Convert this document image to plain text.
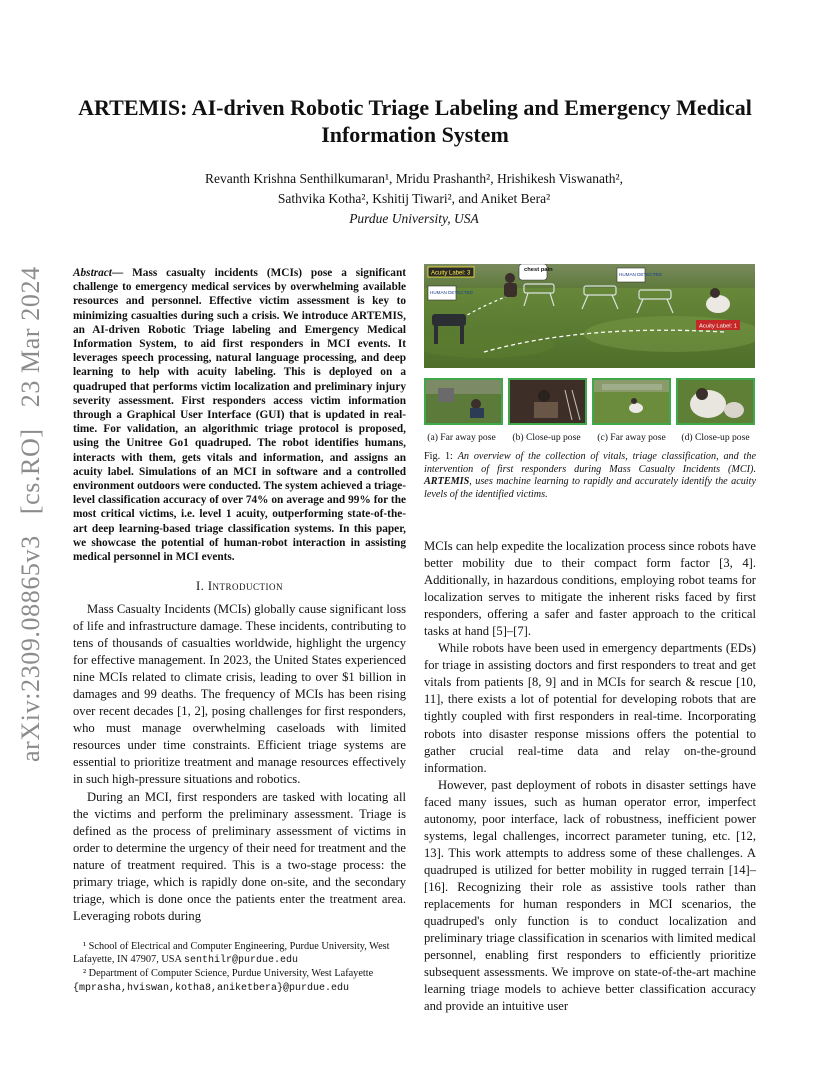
arXiv:2309.08865v3 [cs.RO] 23 Mar 2024
ARTEMIS: AI-driven Robotic Triage Labeling and Emergency Medical Information System
Revanth Krishna Senthilkumaran¹, Mridu Prashanth², Hrishikesh Viswanath²,
Sathvika Kotha², Kshitij Tiwari², and Aniket Bera²
Purdue University, USA

Abstract— Mass casualty incidents (MCIs) pose a significant challenge to emergency medical services by overwhelming available resources and personnel. Effective victim assessment is key to minimizing casualties during such a crisis. We introduce ARTEMIS, an AI-driven Robotic Triage labeling and Emergency Medical Information System, to aid first responders in MCI events. It leverages speech processing, natural language processing, and deep learning to help with acuity labeling. This is deployed on a quadruped that performs victim localization and preliminary injury severity assessment. First responders access victim information through a Graphical User Interface (GUI) that is updated in real-time. For validation, an algorithmic triage protocol is proposed, using the Unitree Go1 quadruped. The robot identifies humans, interacts with them, gets vitals and information, and assigns an acuity label. Simulations of an MCI in software and a controlled environment outdoors were conducted. The system achieved a triage-level classification accuracy of over 74% on average and 99% for the most critical victims, i.e. level 1 acuity, outperforming state-of-the-art deep learning-based triage classification systems. In this paper, we showcase the potential of human-robot interaction in assisting medical personnel in MCI events.

I. Introduction

Mass Casualty Incidents (MCIs) globally cause significant loss of life and infrastructure damage. These incidents, contributing to tens of thousands of casualties worldwide, highlight the urgency for effective management. In 2023, the United States experienced nine MCIs related to climate crisis, leading to over $1 billion in damages and 99 deaths. The frequency of MCIs has been rising over recent decades [1, 2], posing challenges for first responders, who must manage overwhelming caseloads with limited resources under time constraints. Efficient triage systems are essential to prioritize treatment and manage resources effectively in such high-pressure situations and robotics.

During an MCI, first responders are tasked with locating all the victims and perform the preliminary assessment. Triage is defined as the process of preliminary assessment of victims in order to determine the urgency of their need for treatment and the nature of treatment required. This is a two-stage process: the primary triage, which is rapidly done on-site, and the secondary triage, which is done once the patients enter the treatment area. Leveraging robots during

¹ School of Electrical and Computer Engineering, Purdue University, West Lafayette, IN 47907, USA senthilr@purdue.edu

² Department of Computer Science, Purdue University, West Lafayette {mprasha,hviswan,kotha8,aniketbera}@purdue.edu

Acuity Label: 3
chest pain
HUMAN DETECTED
HUMAN DETECTED
Acuity Label: 1
(a) Far away pose	(b) Close-up pose	(c) Far away pose	(d) Close-up pose
Fig. 1: An overview of the collection of vitals, triage classification, and the intervention of first responders during Mass Casualty Incidents (MCI). ARTEMIS, uses machine learning to rapidly and accurately identify the acuity levels of the identified victims.

MCIs can help expedite the localization process since robots have better mobility due to their compact form factor [3, 4]. Additionally, in hazardous conditions, employing robot teams for localization serves to mitigate the inherent risks faced by first responders, offering a safer and faster approach to the critical tasks at hand [5]–[7].

While robots have been used in emergency departments (EDs) for triage in assisting doctors and first responders to treat and get vitals from patients [8, 9] and in MCIs for search & rescue [10, 11], there exists a lot of potential for developing robots that are tightly coupled with first responders in real-time. Incorporating robots into disaster response missions offers the potential to gather crucial real-time data and relay on-the-ground information.

However, past deployment of robots in disaster settings have faced many issues, such as human operator error, imperfect autonomy, poor interface, lack of robustness, inefficient power systems, legal challenges, incorrect parameter tuning, etc. [12, 13]. This work attempts to address some of these challenges. A quadruped is utilized for better mobility in rugged terrain [14]–[16]. Recognizing their role as assistive tools rather than replacements for human responders in MCI scenarios, the quadruped's only function is to conduct localization and preliminary triage classification in scenarios with limited medical personnel, enabling first responders to efficiently prioritize subsequent assessments. We improve on state-of-the-art machine learning triage models to achieve better classification accuracy and provide an intuitive user
